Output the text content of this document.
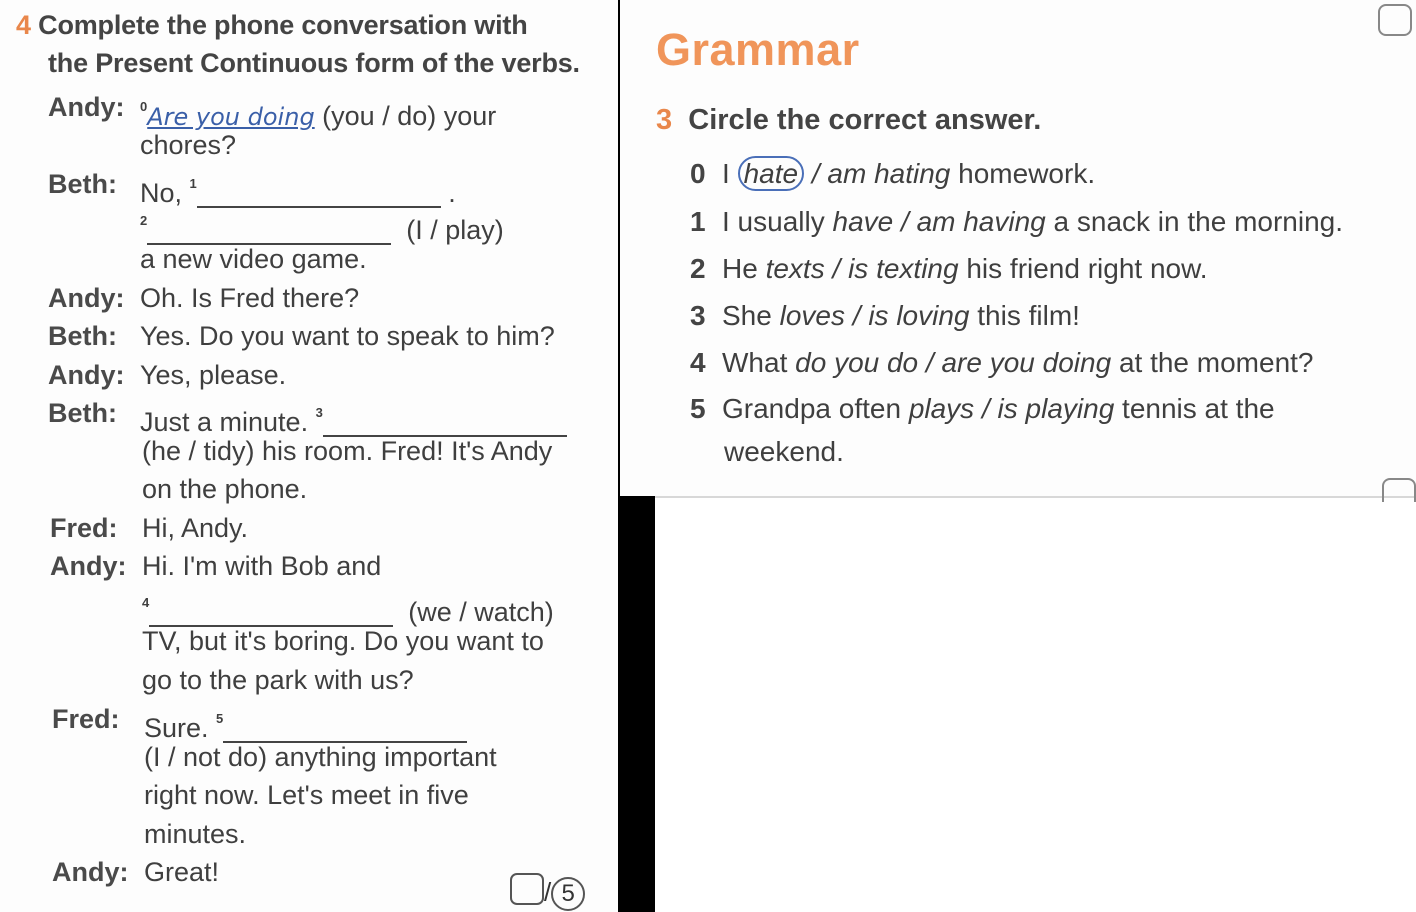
4 Complete the phone conversation with
the Present Continuous form of the verbs.
Andy: $^0$Are you doing (you / do) your
chores?
Beth: No, $^1$	.
$^2$	(I / play)
a new video game.
Andy: Oh. Is Fred there?
Beth: Yes. Do you want to speak to him?
Andy: Yes, please.
Beth: Just a minute. $^3$
(he / tidy) his room. Fred! It's Andy
on the phone.
Fred: Hi, Andy.
Andy: Hi. I'm with Bob and
$^4$	(we / watch)
TV, but it's boring. Do you want to
go to the park with us?
Fred: Sure. $^5$
(I / not do) anything important
right now. Let's meet in five
minutes.
Andy: Great!
/ 5
Grammar
3 Circle the correct answer.
0 I hate / am hating homework.
1 I usually have / am having a snack in the morning.
2 He texts / is texting his friend right now.
3 She loves / is loving this film!
4 What do you do / are you doing at the moment?
5 Grandpa often plays / is playing tennis at the
weekend.
